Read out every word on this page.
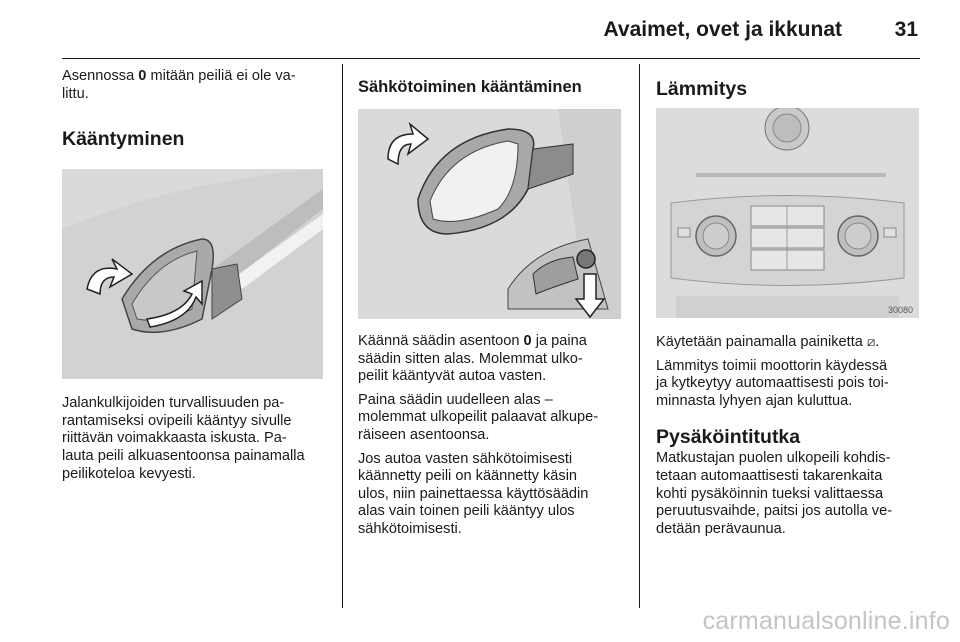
Avaimet, ovet ja ikkunat	31

Asennossa 0 mitään peiliä ei ole va-
littu.

Kääntyminen

Jalankulkijoiden turvallisuuden pa-
rantamiseksi ovipeili kääntyy sivulle
riittävän voimakkaasta iskusta. Pa-
lauta peili alkuasentoonsa painamalla
peilikoteloa kevyesti.

Sähkötoiminen kääntäminen

Käännä säädin asentoon 0 ja paina
säädin sitten alas. Molemmat ulko-
peilit kääntyvät autoa vasten.

Paina säädin uudelleen alas –
molemmat ulkopeilit palaavat alkupe-
räiseen asentoonsa.

Jos autoa vasten sähkötoimisesti
käännetty peili on käännetty käsin
ulos, niin painettaessa käyttösäädin
alas vain toinen peili kääntyy ulos
sähkötoimisesti.

Lämmitys
30080

Käytetään painamalla painiketta ⧄.

Lämmitys toimii moottorin käydessä
ja kytkeytyy automaattisesti pois toi-
minnasta lyhyen ajan kuluttua.

Pysäköintitutka

Matkustajan puolen ulkopeili kohdis-
tetaan automaattisesti takarenkaita
kohti pysäköinnin tueksi valittaessa
peruutusvaihde, paitsi jos autolla ve-
detään perävaunua.

carmanualsonline.info
